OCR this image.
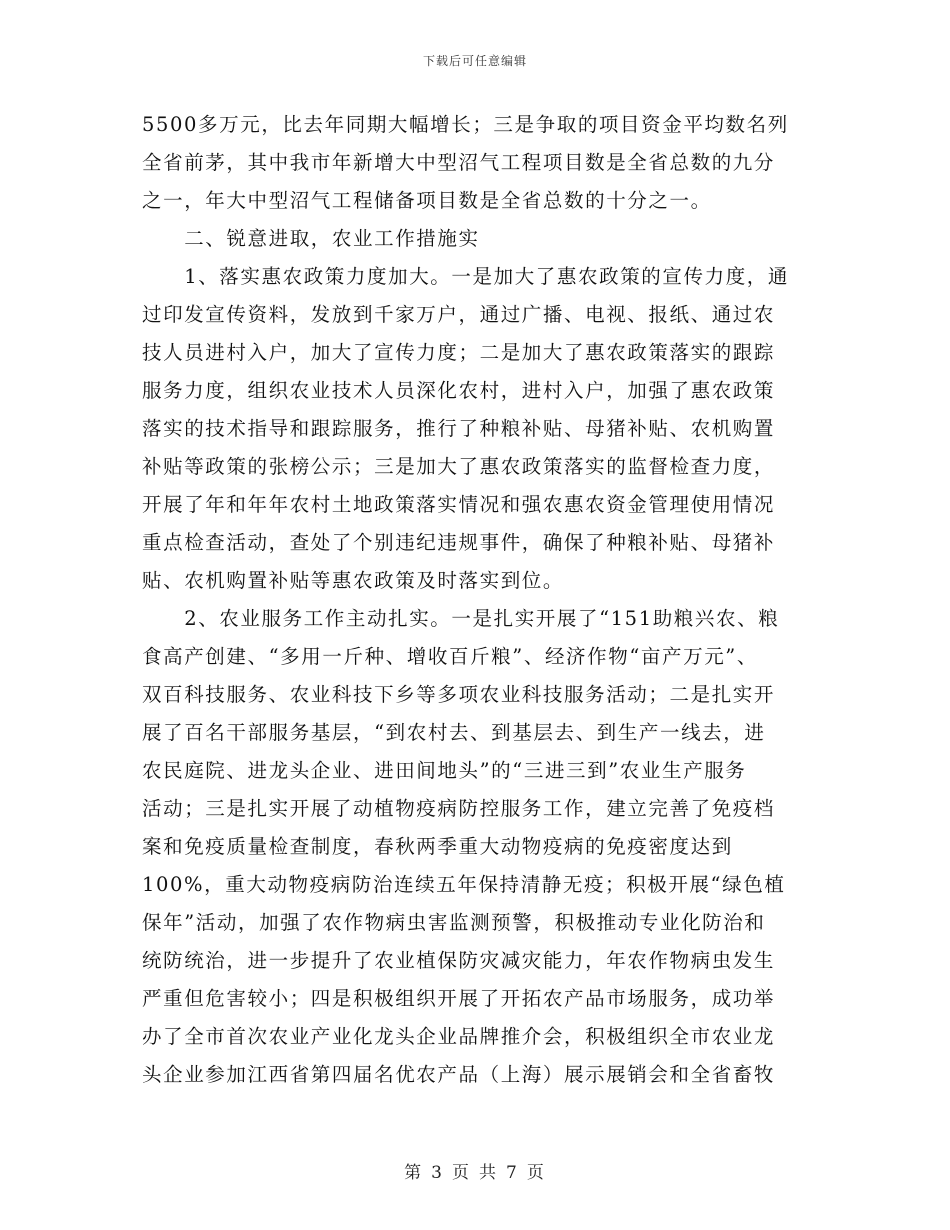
下载后可任意编辑
5500多万元，比去年同期大幅增长；三是争取的项目资金平均数名列
全省前茅，其中我市年新增大中型沼气工程项目数是全省总数的九分
之一，年大中型沼气工程储备项目数是全省总数的十分之一。
　　二、锐意进取，农业工作措施实
　　1、落实惠农政策力度加大。一是加大了惠农政策的宣传力度，通
过印发宣传资料，发放到千家万户，通过广播、电视、报纸、通过农
技人员进村入户，加大了宣传力度；二是加大了惠农政策落实的跟踪
服务力度，组织农业技术人员深化农村，进村入户，加强了惠农政策
落实的技术指导和跟踪服务，推行了种粮补贴、母猪补贴、农机购置
补贴等政策的张榜公示；三是加大了惠农政策落实的监督检查力度，
开展了年和年年农村土地政策落实情况和强农惠农资金管理使用情况
重点检查活动，查处了个别违纪违规事件，确保了种粮补贴、母猪补
贴、农机购置补贴等惠农政策及时落实到位。
　　2、农业服务工作主动扎实。一是扎实开展了“151助粮兴农、粮
食高产创建、“多用一斤种、增收百斤粮”、经济作物“亩产万元”、
双百科技服务、农业科技下乡等多项农业科技服务活动；二是扎实开
展了百名干部服务基层，“到农村去、到基层去、到生产一线去，进
农民庭院、进龙头企业、进田间地头”的“三进三到”农业生产服务
活动；三是扎实开展了动植物疫病防控服务工作，建立完善了免疫档
案和免疫质量检查制度，春秋两季重大动物疫病的免疫密度达到
100%，重大动物疫病防治连续五年保持清静无疫；积极开展“绿色植
保年”活动，加强了农作物病虫害监测预警，积极推动专业化防治和
统防统治，进一步提升了农业植保防灾减灾能力，年农作物病虫发生
严重但危害较小；四是积极组织开展了开拓农产品市场服务，成功举
办了全市首次农业产业化龙头企业品牌推介会，积极组织全市农业龙
头企业参加江西省第四届名优农产品（上海）展示展销会和全省畜牧
第 3 页 共 7 页
